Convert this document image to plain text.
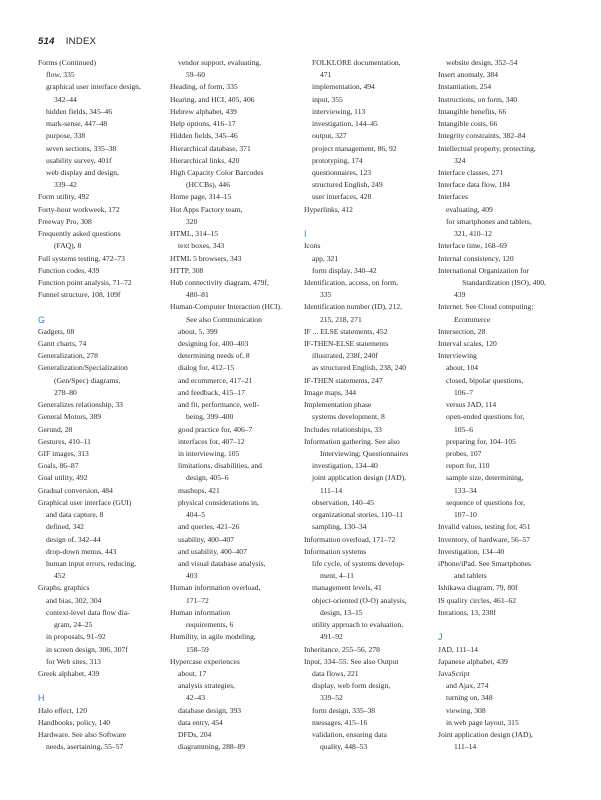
514 INDEX
Forms (Continued)
flow, 335
graphical user interface design,
342–44
hidden fields, 345–46
mark-sense, 447–48
purpose, 338
seven sections, 335–38
usability survey, 401f
web display and design,
339–42
Form utility, 492
Forty-hour workweek, 172
Freeway Pro, 308
Frequently asked questions
(FAQ), 8
Full systems testing, 472–73
Function codes, 439
Function point analysis, 71–72
Funnel structure, 108, 109f
G
Gadgets, 08
Gantt charts, 74
Generalization, 278
Generalization/Specialization
(Gen/Spec) diagrams,
278–80
Generalizes relationship, 33
General Motors, 389
Gerund, 28
Gestures, 410–11
GIF images, 313
Goals, 86–87
Goal utility, 492
Gradual conversion, 484
Graphical user interface (GUI)
and data capture, 8
defined, 342
design of, 342–44
drop-down menus, 443
human input errors, reducing,
452
Graphs, graphics
and bias, 302, 304
context-level data flow dia-
gram, 24–25
in proposals, 91–92
in screen design, 306, 307f
for Web sites, 313
Greek alphabet, 439
H
Halo effect, 120
Handbooks, policy, 140
Hardware. See also Software
needs, asertaining, 55–57
vendor support, evaluating,
59–60
Heading, of form, 335
Hearing, and HCI, 405, 406
Hebrew alphabet, 439
Help options, 416–17
Hidden fields, 345–46
Hierarchical database, 371
Hierarchical links, 420
High Capacity Color Barcodes
(HCCBs), 446
Home page, 314–15
Hot Apps Factory team,
320
HTML, 314–15
text boxes, 343
HTML 5 browsers, 343
HTTP, 308
Hub connectivity diagram, 479f,
480–81
Human-Computer Interaction (HCI).
See also Communication
about, 5, 399
designing for, 400–403
determining needs of, 8
dialog for, 412–15
and ecommerce, 417–21
and feedback, 415–17
and fit, performance, well-
being, 399–400
good practice for, 406–7
interfaces for, 407–12
in interviewing, 105
limitations, disabilities, and
design, 405–6
mashups, 421
physical considerations in,
404–5
and queries, 421–26
usability, 400–407
and usability, 400–407
and visual database analysis,
403
Human information overload,
171–72
Human information
requirements, 6
Humility, in agile modeling,
158–59
Hypercase experiences
about, 17
analysis strategies,
42–43
database design, 393
data entry, 454
DFDs, 204
diagramming, 288–89
FOLKLORE documentation,
471
implementation, 494
input, 355
interviewing, 113
investigation, 144–45
output, 327
project management, 86, 92
prototyping, 174
questionnaires, 123
structured English, 249
user interfaces, 428
Hyperlinks, 412
I
Icons
app, 321
form display, 340–42
Identification, access, on form,
335
Identification number (ID), 212,
215, 218, 271
IF ... ELSE statements, 452
IF-THEN-ELSE statements
illustrated, 238f, 240f
as structured English, 238, 240
IF-THEN statements, 247
Image maps, 344
Implementation phase
systems development, 8
Includes relationships, 33
Information gathering. See also
Interviewing; Questionnaires
investigation, 134–40
joint application design (JAD),
111–14
observation, 140–45
organizational stories, 110–11
sampling, 130–34
Information overload, 171–72
Information systems
life cycle, of systems develop-
ment, 4–11
management levels, 41
object-oriented (O-O) analysis,
design, 13–15
utility approach to evaluation,
491–92
Inheritance, 255–56, 278
Input, 334–55. See also Output
data flows, 221
display, web form design,
339–52
form design, 335–38
messages, 415–16
validation, ensuring data
quality, 448–53
website design, 352–54
Insert anomaly, 384
Instantiation, 254
Instructions, on form, 340
Intangible benefits, 66
Intangible costs, 66
Integrity constraints, 382–84
Intellectual property, protecting,
324
Interface classes, 271
Interface data flow, 184
Interfaces
evaluating, 409
for smartphones and tablets,
321, 410–12
Interface time, 168–69
Internal consistency, 120
International Organization for
Standardization (ISO), 400,
439
Internet. See Cloud computing;
Ecommerce
Intersection, 28
Interval scales, 120
Interviewing
about, 104
closed, bipolar questions,
106–7
versus JAD, 114
open-ended questions for,
105–6
preparing for, 104–105
probes, 107
report for, 110
sample size, determining,
133–34
sequence of questions for,
107–10
Invalid values, testing for, 451
Inventory, of hardware, 56–57
Investigation, 134–40
iPhone/iPad. See Smartphones
and tablets
Ishikawa diagram, 79, 80f
IS quality circles, 461–62
Iterations, 13, 238f
J
JAD, 111–14
Japanese alphabet, 439
JavaScript
and Ajax, 274
turning on, 348
viewing, 308
in web page layout, 315
Joint application design (JAD),
111–14
